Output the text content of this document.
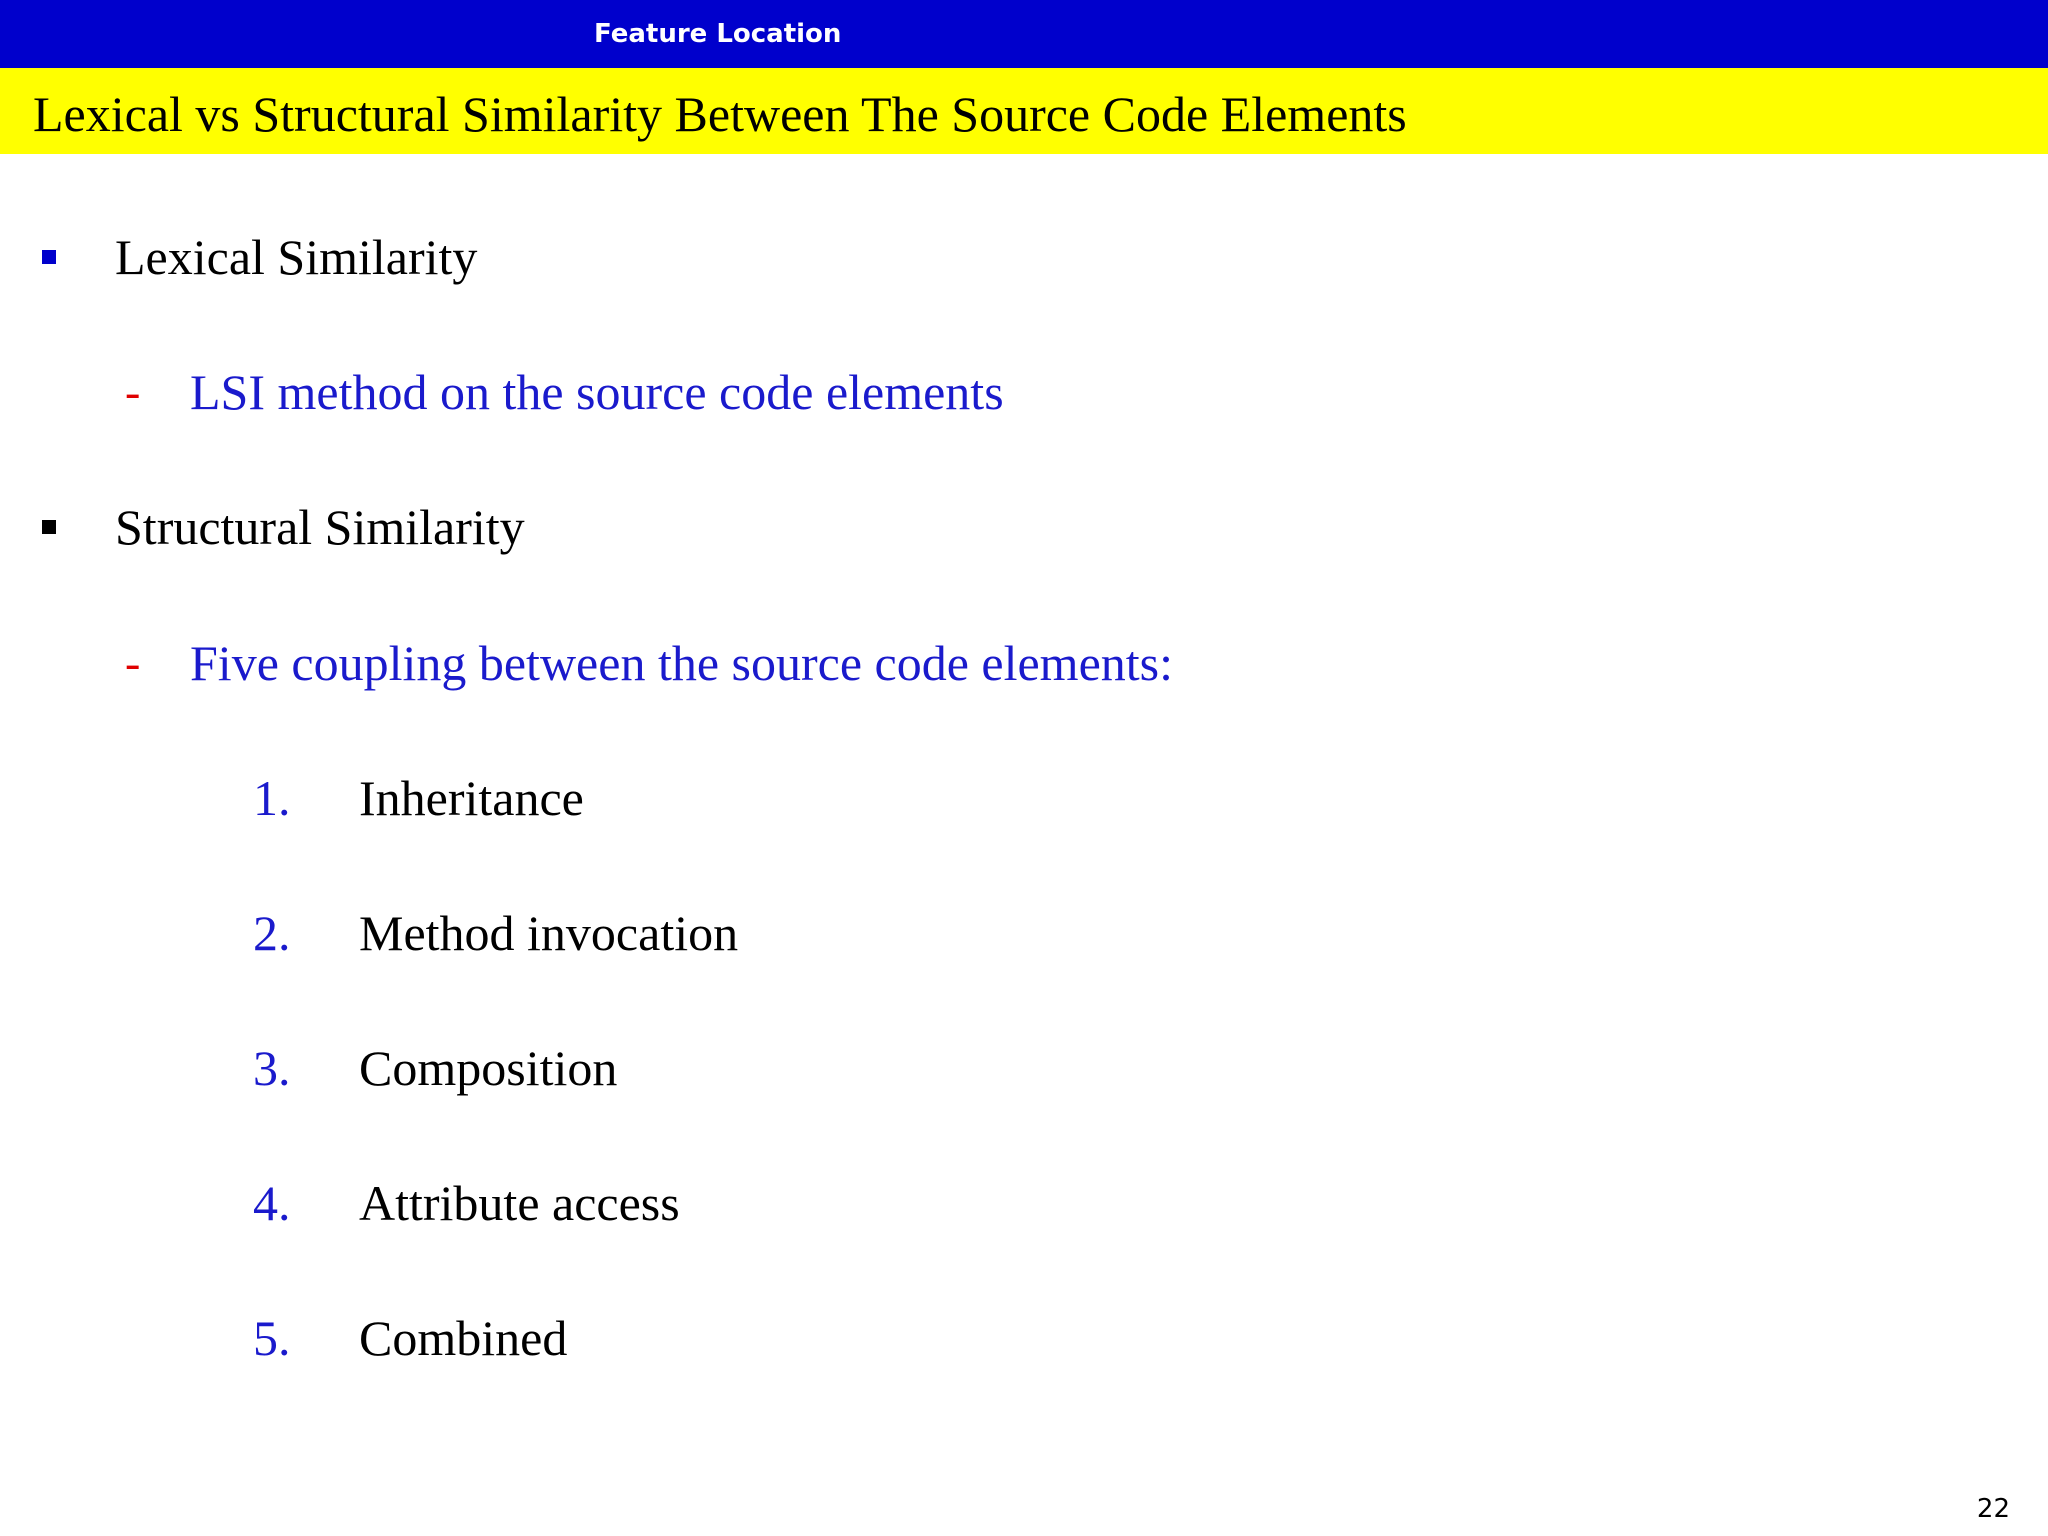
Feature Location
Lexical vs Structural Similarity Between The Source Code Elements
Lexical Similarity
- LSI method on the source code elements
Structural Similarity
- Five coupling between the source code elements:
1. Inheritance
2. Method invocation
3. Composition
4. Attribute access
5. Combined
22
